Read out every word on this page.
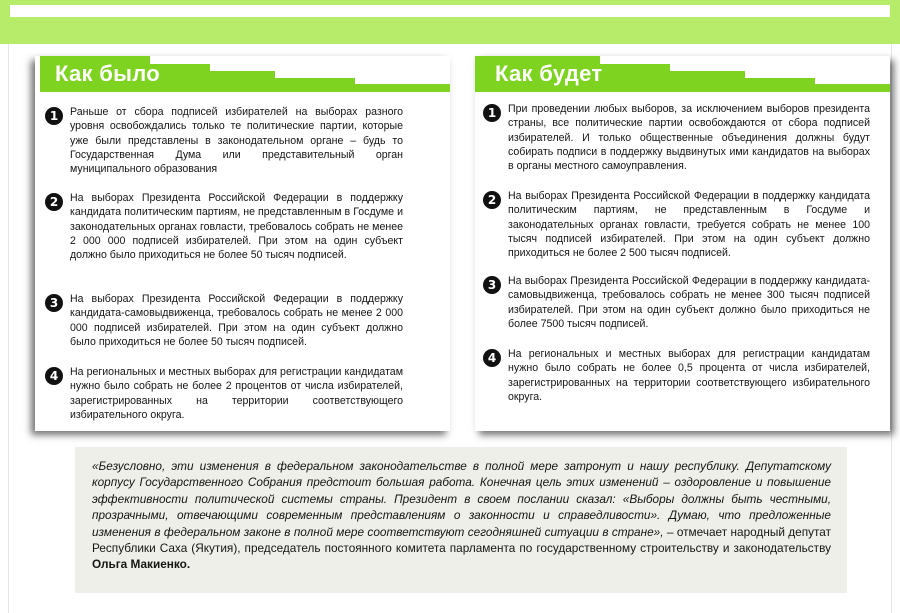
Как было
1	Раньше от сбора подписей избирателей на выборах разного уровня освобождались только те политические партии, которые уже были представлены в законодательном органе – будь то Государственная Дума или представительный орган муниципального образования

2	На выборах Президента Российской Федерации в поддержку кандидата политическим партиям, не представленным в Госдуме и законодательных органах говласти, требовалось собрать не менее 2 000 000 подписей избирателей. При этом на один субъект должно было приходиться не более 50 тысяч подписей.

3	На выборах Президента Российской Федерации в поддержку кандидата-самовыдвиженца, требовалось собрать не менее 2 000 000 подписей избирателей. При этом на один субъект должно было приходиться не более 50 тысяч подписей.

4	На региональных и местных выборах для регистрации кандидатам нужно было собрать не более 2 процентов от числа избирателей, зарегистрированных на территории соответствующего избирательного округа.

Как будет
1	При проведении любых выборов, за исключением выборов президента страны, все политические партии освобождаются от сбора подписей избирателей. И только общественные объединения должны будут собирать подписи в поддержку выдвинутых ими кандидатов на выборах в органы местного самоуправления.

2	На выборах Президента Российской Федерации в поддержку кандидата политическим партиям, не представленным в Госдуме и законодательных органах говласти, требуется собрать не менее 100 тысяч подписей избирателей. При этом на один субъект должно приходиться не более 2 500 тысяч подписей.

3	На выборах Президента Российской Федерации в поддержку кандидата-самовыдвиженца, требовалось собрать не менее 300 тысяч подписей избирателей. При этом на один субъект должно было приходиться не более 7500 тысяч подписей.

4	На региональных и местных выборах для регистрации кандидатам нужно было собрать не более 0,5 процента от числа избирателей, зарегистрированных на территории соответствующего избирательного округа.

«Безусловно, эти изменения в федеральном законодательстве в полной мере затронут и нашу республику. Депутатскому корпусу Государственного Собрания предстоит большая работа. Конечная цель этих изменений – оздоровление и повышение эффективности политической системы страны. Президент в своем послании сказал: «Выборы должны быть честными, прозрачными, отвечающими современным представлениям о законности и справедливости». Думаю, что предложенные изменения в федеральном законе в полной мере соответствуют сегодняшней ситуации в стране», – отмечает народный депутат Республики Саха (Якутия), председатель постоянного комитета парламента по государственному строительству и законодательству Ольга Макиенко.
